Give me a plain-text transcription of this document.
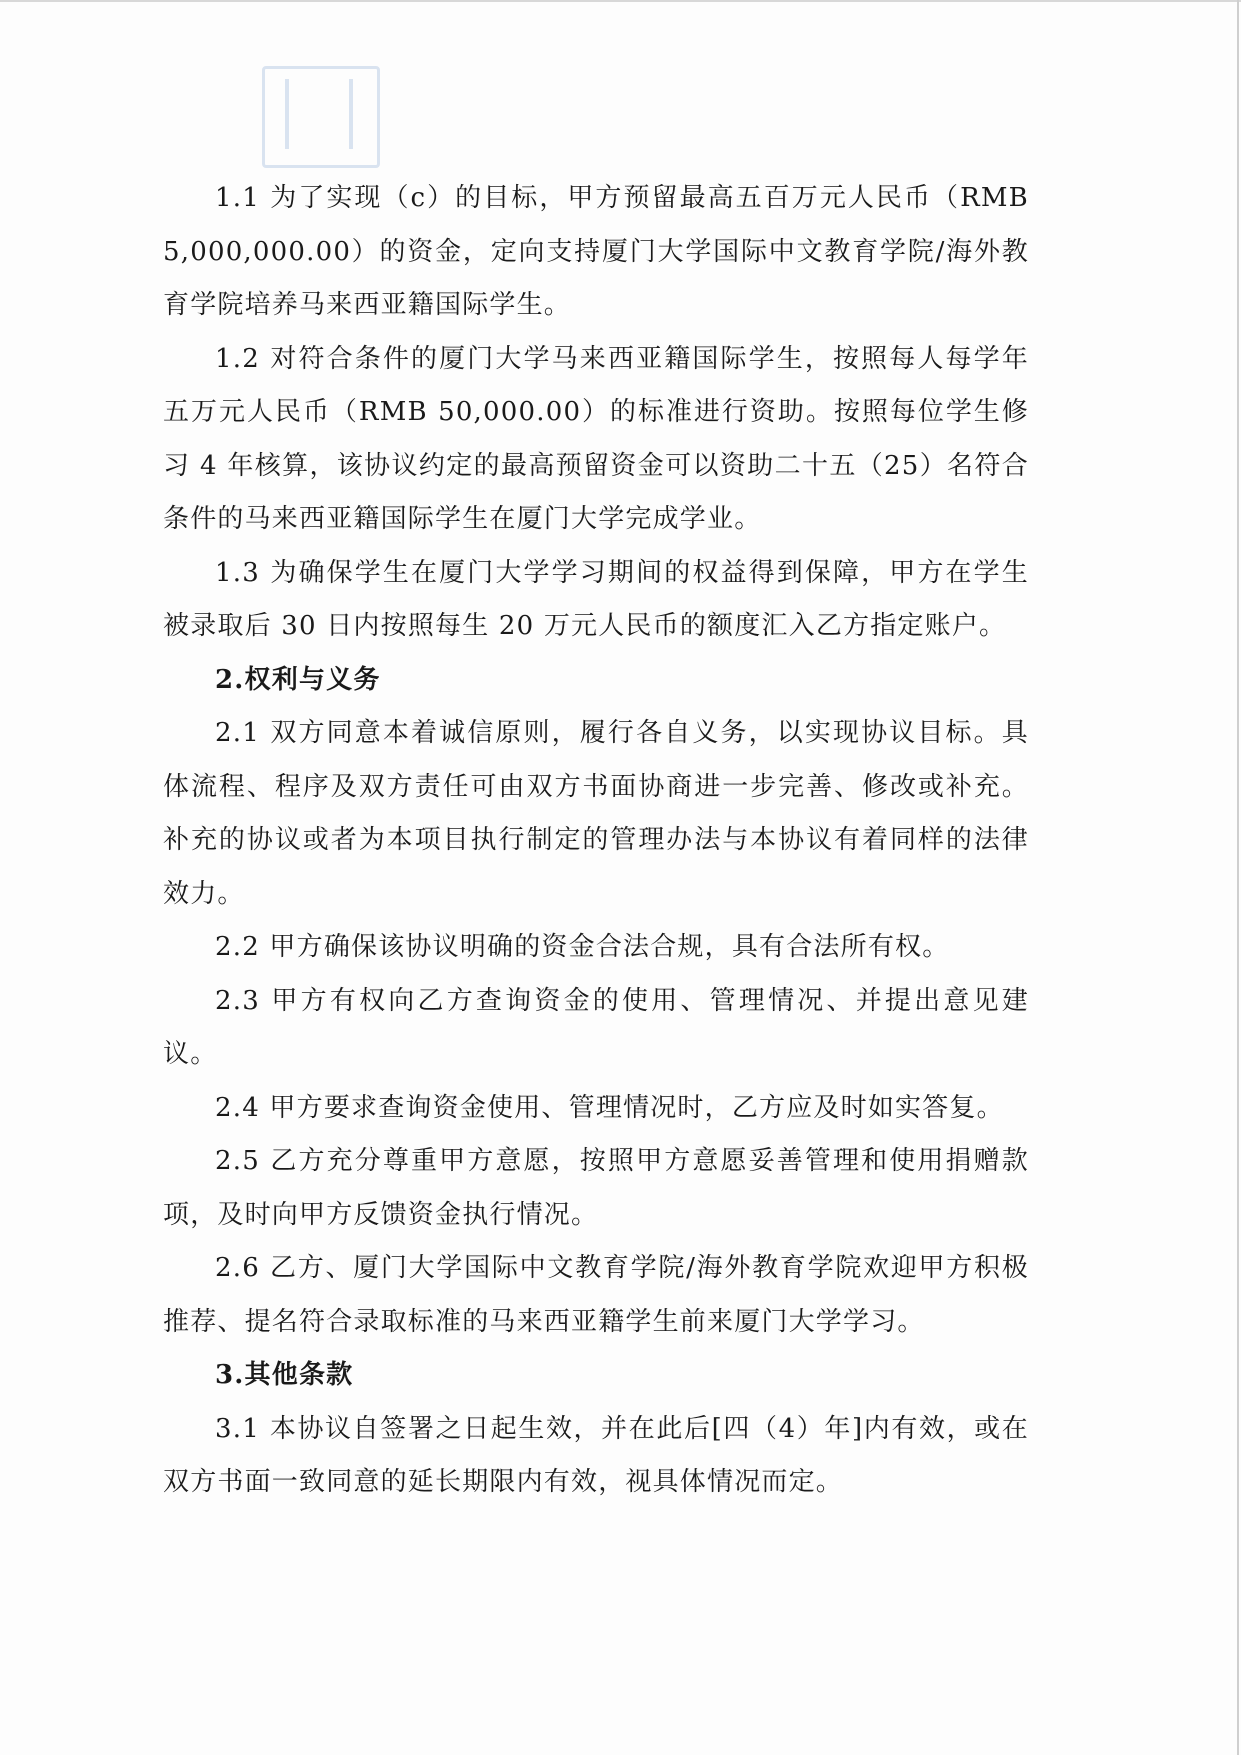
1.1 为了实现（c）的目标，甲方预留最高五百万元人民币（RMB 5,000,000.00）的资金，定向支持厦门大学国际中文教育学院/海外教育学院培养马来西亚籍国际学生。

1.2 对符合条件的厦门大学马来西亚籍国际学生，按照每人每学年五万元人民币（RMB 50,000.00）的标准进行资助。按照每位学生修习 4 年核算，该协议约定的最高预留资金可以资助二十五（25）名符合条件的马来西亚籍国际学生在厦门大学完成学业。

1.3 为确保学生在厦门大学学习期间的权益得到保障，甲方在学生被录取后 30 日内按照每生 20 万元人民币的额度汇入乙方指定账户。

2.权利与义务

2.1 双方同意本着诚信原则，履行各自义务，以实现协议目标。具体流程、程序及双方责任可由双方书面协商进一步完善、修改或补充。补充的协议或者为本项目执行制定的管理办法与本协议有着同样的法律效力。

2.2 甲方确保该协议明确的资金合法合规，具有合法所有权。

2.3 甲方有权向乙方查询资金的使用、管理情况、并提出意见建议。

2.4 甲方要求查询资金使用、管理情况时，乙方应及时如实答复。

2.5 乙方充分尊重甲方意愿，按照甲方意愿妥善管理和使用捐赠款项，及时向甲方反馈资金执行情况。

2.6 乙方、厦门大学国际中文教育学院/海外教育学院欢迎甲方积极推荐、提名符合录取标准的马来西亚籍学生前来厦门大学学习。

3.其他条款

3.1 本协议自签署之日起生效，并在此后[四（4）年]内有效，或在双方书面一致同意的延长期限内有效，视具体情况而定。
